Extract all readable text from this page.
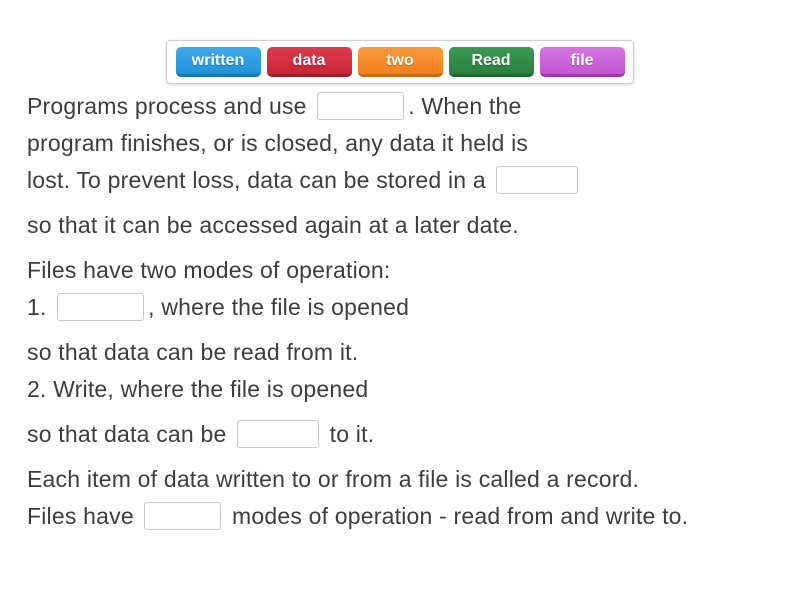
written	data	two	Read	file
Programs process and use	. When the
program finishes, or is closed, any data it held is
lost. To prevent loss, data can be stored in a
so that it can be accessed again at a later date.
Files have two modes of operation:
1.	, where the file is opened
so that data can be read from it.
2. Write, where the file is opened
so that data can be	to it.
Each item of data written to or from a file is called a record.
Files have	modes of operation - read from and write to.
